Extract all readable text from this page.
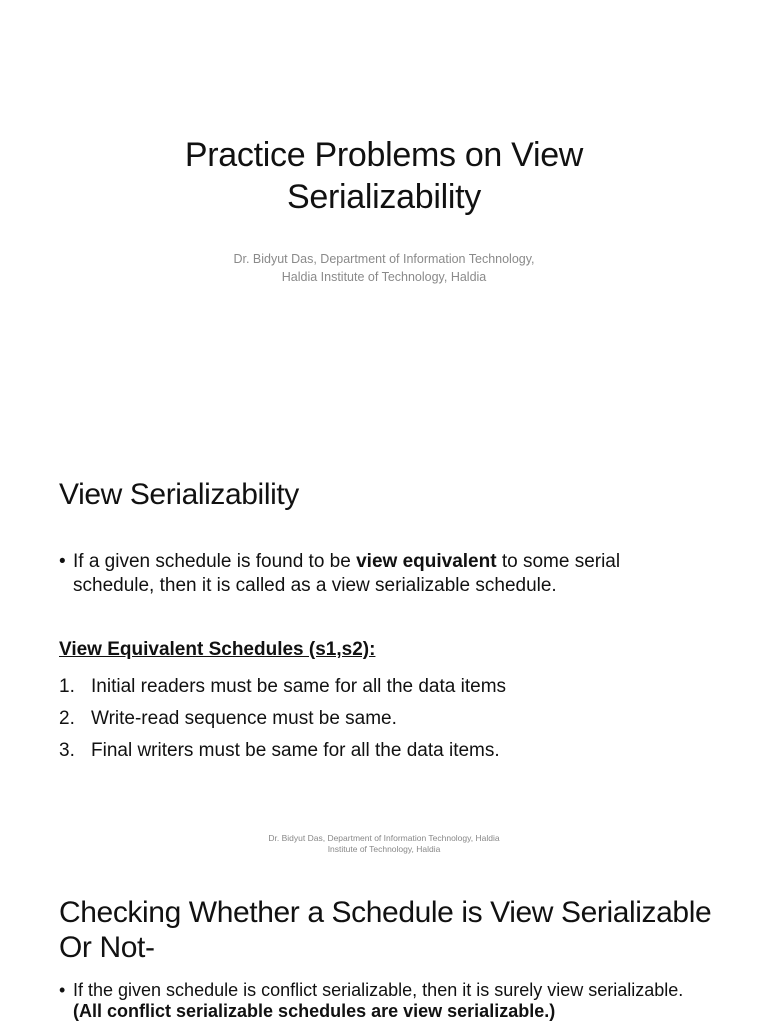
Practice Problems on View
Serializability
Dr. Bidyut Das, Department of Information Technology,
Haldia Institute of Technology, Haldia
View Serializability
• If a given schedule is found to be view equivalent to some serial schedule, then it is called as a view serializable schedule.
View Equivalent Schedules (s1,s2):
1. Initial readers must be same for all the data items
2. Write-read sequence must be same.
3. Final writers must be same for all the data items.
Dr. Bidyut Das, Department of Information Technology, Haldia
Institute of Technology, Haldia
Checking Whether a Schedule is View Serializable
Or Not-
• If the given schedule is conflict serializable, then it is surely view serializable. (All conflict serializable schedules are view serializable.)
